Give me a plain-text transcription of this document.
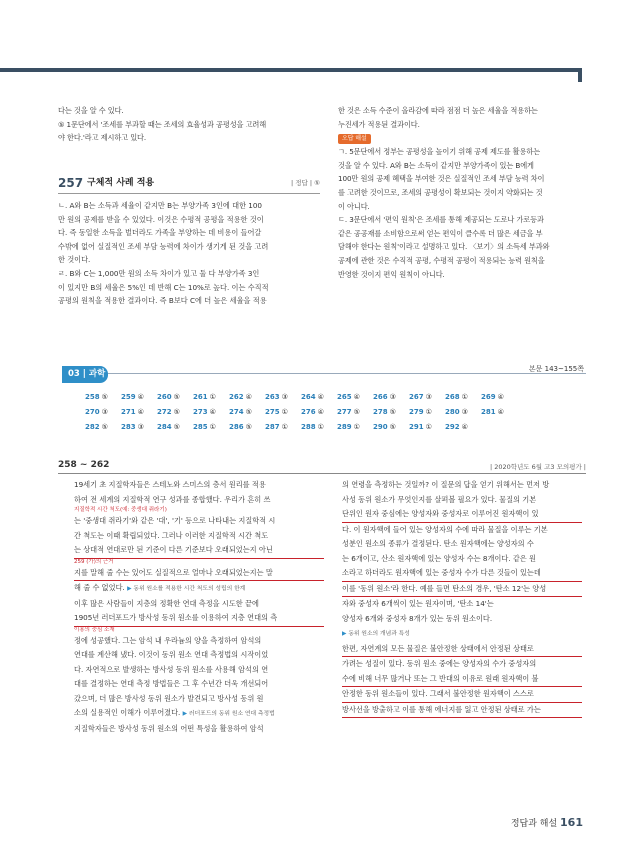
다는 것을 알 수 있다.

⑤ 1문단에서 '조세를 부과할 때는 조세의 효율성과 공평성을 고려해

야 한다.'라고 제시하고 있다.

257 구체적 사례 적용	| 정답 | ⑤

ㄴ. A와 B는 소득과 세율이 같지만 B는 부양가족 3인에 대한 100

만 원의 공제를 받을 수 있었다. 이것은 수평적 공평을 적용한 것이

다. 즉 동일한 소득을 벌더라도 가족을 부양하는 데 비용이 들어갈

수밖에 없어 실질적인 조세 부담 능력에 차이가 생기게 된 것을 고려

한 것이다.

ㄹ. B와 C는 1,000만 원의 소득 차이가 있고 둘 다 부양가족 3인

이 있지만 B의 세율은 5%인 데 반해 C는 10%로 높다. 이는 수직적

공평의 원칙을 적용한 결과이다. 즉 B보다 C에 더 높은 세율을 적용

한 것은 소득 수준이 올라감에 따라 점점 더 높은 세율을 적용하는

누진세가 적용된 결과이다.

오답 해설

ㄱ. 5문단에서 정부는 공평성을 높이기 위해 공제 제도를 활용하는

것을 알 수 있다. A와 B는 소득이 같지만 부양가족이 있는 B에게

100만 원의 공제 혜택을 부여한 것은 실질적인 조세 부담 능력 차이

를 고려한 것이므로, 조세의 공평성이 확보되는 것이지 약화되는 것

이 아니다.

ㄷ. 3문단에서 '편익 원칙'은 조세를 통해 제공되는 도로나 가로등과

같은 공공재를 소비함으로써 얻는 편익이 클수록 더 많은 세금을 부

담해야 한다는 원칙'이라고 설명하고 있다. 〈보기〉의 소득세 부과와

공제에 관한 것은 수직적 공평, 수평적 공평이 적용되는 능력 원칙을

반영한 것이지 편익 원칙이 아니다.

03 | 과학	본문 143~155쪽
258 ⑤	259 ④	260 ⑤	261 ①	262 ④	263 ③	264 ④	265 ④	266 ③	267 ③	268 ①	269 ④
270 ③	271 ④	272 ⑤	273 ④	274 ⑤	275 ①	276 ④	277 ⑤	278 ⑤	279 ①	280 ③	281 ④
282 ⑤	283 ③	284 ⑤	285 ①	286 ⑤	287 ①	288 ①	289 ①	290 ⑤	291 ①	292 ④
258 ~ 262	| 2020학년도 6월 고3 모의평가 |

19세기 초 지질학자들은 스테노와 스미스의 층서 원리를 적용

하여 전 세계의 지질학적 연구 성과를 종합했다. 우리가 흔히 쓰

지질학적 시간 척도(예: 중생대 쥐라기)

는 '중생대 쥐라기'와 같은 '대', '기' 등으로 나타내는 지질학적 시

간 척도는 이때 확립되었다. 그러나 이러한 지질학적 시간 척도

는 상대적 연대로만 된 기준이 다른 기준보다 오래되었는지 아닌

259 (가)의 근거

지를 말해 줄 수는 있어도 실질적으로 얼마나 오래되었는지는 말

해 줄 수 없었다. ▶ 동위 원소를 적용한 시간 척도의 성립의 한계

이후 많은 사람들이 지층의 정확한 연대 측정을 시도한 끝에

1905년 러더포드가 방사성 동위 원소를 이용하여 지층 연대의 측

이용의 중심 소재

정에 성공했다. 그는 암석 내 우라늄의 양을 측정하여 암석의

연대를 계산해 냈다. 이것이 동위 원소 연대 측정법의 시작이었

다. 자연적으로 발생하는 방사성 동위 원소를 사용해 암석의 연

대를 결정하는 연대 측정 방법들은 그 후 수년간 더욱 개선되어

갔으며, 더 많은 방사성 동위 원소가 발견되고 방사성 동위 원

소의 실용적인 이해가 이루어졌다. ▶ 러더포드의 동위 원소 연대 측정법

지질학자들은 방사성 동위 원소의 어떤 특성을 활용하여 암석

의 연령을 측정하는 것일까? 이 질문의 답을 얻기 위해서는 먼저 방

사성 동위 원소가 무엇인지를 살펴볼 필요가 있다. 물질의 기본

단위인 원자 중심에는 양성자와 중성자로 이루어진 원자핵이 있

다. 이 원자핵에 들어 있는 양성자의 수에 따라 물질을 이루는 기본

성분인 원소의 종류가 결정된다. 탄소 원자핵에는 양성자의 수

는 6개이고, 산소 원자핵에 있는 양성자 수는 8개이다. 같은 원

소라고 하더라도 원자핵에 있는 중성자 수가 다른 것들이 있는데

이를 '동위 원소'라 한다. 예를 들면 탄소의 경우, '탄소 12'는 양성

자와 중성자 6개씩이 있는 원자이며, '탄소 14'는

양성자 6개와 중성자 8개가 있는 동위 원소이다.

▶ 동위 원소의 개념과 특성

한편, 자연계의 모든 물질은 불안정한 상태에서 안정된 상태로

가려는 성질이 있다. 동위 원소 중에는 양성자의 수가 중성자의

수에 비해 너무 많거나 또는 그 반대의 이유로 원래 원자핵이 불

안정한 동위 원소들이 있다. 그래서 불안정한 원자핵이 스스로

방사선을 방출하고 이를 통해 에너지를 잃고 안정된 상태로 가는

정답과 해설 161
